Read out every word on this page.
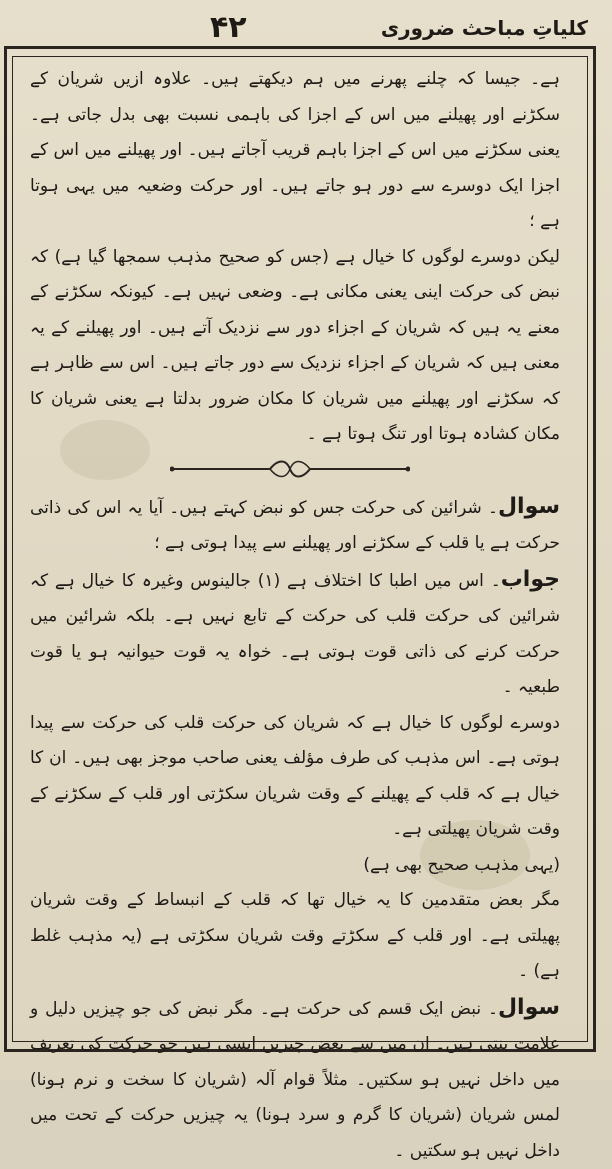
۴۲	کلیاتِ مباحث ضروری

ہے۔ جیسا کہ چلنے پھرنے میں ہم دیکھتے ہیں۔ علاوہ ازیں شریان کے سکڑنے اور پھیلنے میں اس کے اجزا کی باہمی نسبت بھی بدل جاتی ہے۔ یعنی سکڑنے میں اس کے اجزا باہم قریب آجاتے ہیں۔ اور پھیلنے میں اس کے اجزا ایک دوسرے سے دور ہو جاتے ہیں۔ اور حرکت وضعیہ میں یہی ہوتا ہے ؛

لیکن دوسرے لوگوں کا خیال ہے (جس کو صحیح مذہب سمجھا گیا ہے) کہ نبض کی حرکت اینی یعنی مکانی ہے۔ وضعی نہیں ہے۔ کیونکہ سکڑنے کے معنے یہ ہیں کہ شریان کے اجزاء دور سے نزدیک آتے ہیں۔ اور پھیلنے کے یہ معنی ہیں کہ شریان کے اجزاء نزدیک سے دور جاتے ہیں۔ اس سے ظاہر ہے کہ سکڑنے اور پھیلنے میں شریان کا مکان ضرور بدلتا ہے یعنی شریان کا مکان کشادہ ہوتا اور تنگ ہوتا ہے ۔

سوال۔ شرائین کی حرکت جس کو نبض کہتے ہیں۔ آیا یہ اس کی ذاتی حرکت ہے یا قلب کے سکڑنے اور پھیلنے سے پیدا ہوتی ہے ؛

جواب۔ اس میں اطبا کا اختلاف ہے (۱) جالینوس وغیرہ کا خیال ہے کہ شرائین کی حرکت قلب کی حرکت کے تابع نہیں ہے۔ بلکہ شرائین میں حرکت کرنے کی ذاتی قوت ہوتی ہے۔ خواہ یہ قوت حیوانیہ ہو یا قوت طبعیہ ۔

دوسرے لوگوں کا خیال ہے کہ شریان کی حرکت قلب کی حرکت سے پیدا ہوتی ہے۔ اس مذہب کی طرف مؤلف یعنی صاحب موجز بھی ہیں۔ ان کا خیال ہے کہ قلب کے پھیلنے کے وقت شریان سکڑتی اور قلب کے سکڑنے کے وقت شریان پھیلتی ہے۔

(یہی مذہب صحیح بھی ہے)

مگر بعض متقدمین کا یہ خیال تھا کہ قلب کے انبساط کے وقت شریان پھیلتی ہے۔ اور قلب کے سکڑتے وقت شریان سکڑتی ہے (یہ مذہب غلط ہے) ۔

سوال۔ نبض ایک قسم کی حرکت ہے۔ مگر نبض کی جو چیزیں دلیل و علامت بنتی ہیں۔ ان میں سے بعض چیزیں ایسی ہیں جو حرکت کی تعریف میں داخل نہیں ہو سکتیں۔ مثلاً قوام آلہ (شریان کا سخت و نرم ہونا) لمس شریان (شریان کا گرم و سرد ہونا) یہ چیزیں حرکت کے تحت میں داخل نہیں ہو سکتیں ۔
